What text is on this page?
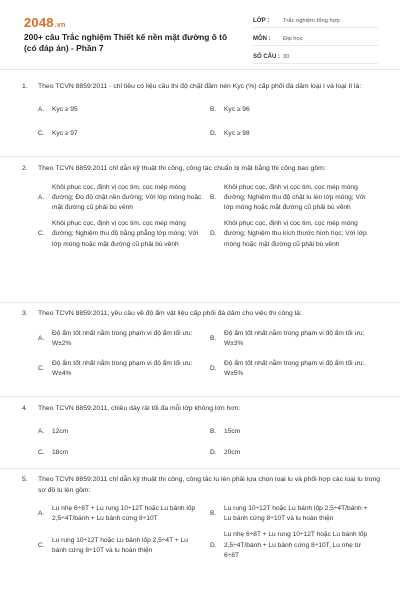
2048.vn
200+ câu Trắc nghiệm Thiết kế nền mặt đường ô tô (có đáp án) - Phần 7
LỚP :	Trắc nghiệm tổng hợp
MÔN :	Đại học
SỐ CÂU : 30
1.	Theo TCVN 8859:2011 - chỉ tiêu có liệu cầu thi độ chặt đầm nén Kyc (%) cấp phối đá dăm loại I và loại II là:
A.	Kyc ≥ 95	B.	Kyc ≥ 96
C.	Kyc ≥ 97	D.	Kyc ≥ 98
2.	Theo TCVN 8859:2011 chỉ dẫn kỹ thuật thi công, công tác chuẩn bị mặt bằng thi công bao gồm:
A.
Khôi phục cọc, định vị cọc tim, cọc mép móng đường; Đo độ chặt nền đường; Với lớp móng hoặc mặt đường cũ phải bù vênh
B.
Khôi phục cọc, định vị cọc tim, cọc mép móng đường; Nghiệm thu độ chặt lu lèn lớp móng; Với lớp móng hoặc mặt đường cũ phải bù vênh
C.
Khôi phục cọc, định vị cọc tim, cọc mép móng đường; Nghiệm thu độ bằng phẳng lớp móng; Với lớp móng hoặc mặt đường cũ phải bù vênh
D.
Khôi phục cọc, định vị cọc tim, cọc mép móng đường; Nghiệm thu kích thước hình học; Với lớp móng hoặc mặt đường cũ phải bù vênh
3.	Theo TCVN 8859:2011, yêu cầu về độ ẩm vật liệu cấp phối đá dăm cho việc thi công là:
A.
Độ ẩm tốt nhất nằm trong phạm vi độ ẩm tối ưu: W±2%
B.
Độ ẩm tốt nhất nằm trong phạm vi độ ẩm tối ưu: W±3%
C.
Độ ẩm tốt nhất nằm trong phạm vi độ ẩm tối ưu: W±4%
D.
Độ ẩm tốt nhất nằm trong phạm vi độ ẩm tối ưu: W±5%
4.	Theo TCVN 8859:2011, chiều dày rải tối đa mỗi lớp không lớn hơn:
A.	12cm	B.	15cm
C.	18cm	D.	20cm
5.	Theo TCVN 8859:2011 chỉ dẫn kỹ thuật thi công, công tác lu lèn phải lựa chọn loại lu và phối hợp các loại lu trong sơ đồ lu lèn gồm:
A.
Lu nhẹ 6÷8T + Lu rung 10÷12T hoặc Lu bánh lốp 2,5÷4T/bánh + Lu bánh cứng 8÷10T
B.
Lu rung 10÷12T hoặc Lu bánh lốp 2,5÷4T/bánh + Lu bánh cứng 8÷10T và lu hoàn thiện
C.
Lu rung 10÷12T hoặc Lu bánh lốp 2,5÷4T + Lu bánh cứng 8÷10T và lu hoàn thiện
D.
Lu nhẹ 6÷8T + Lu rung 10÷12T hoặc Lu bánh lốp 2,5÷4T/bánh + Lu bánh cứng 8÷10T, Lu nhẹ từ 6÷8T
